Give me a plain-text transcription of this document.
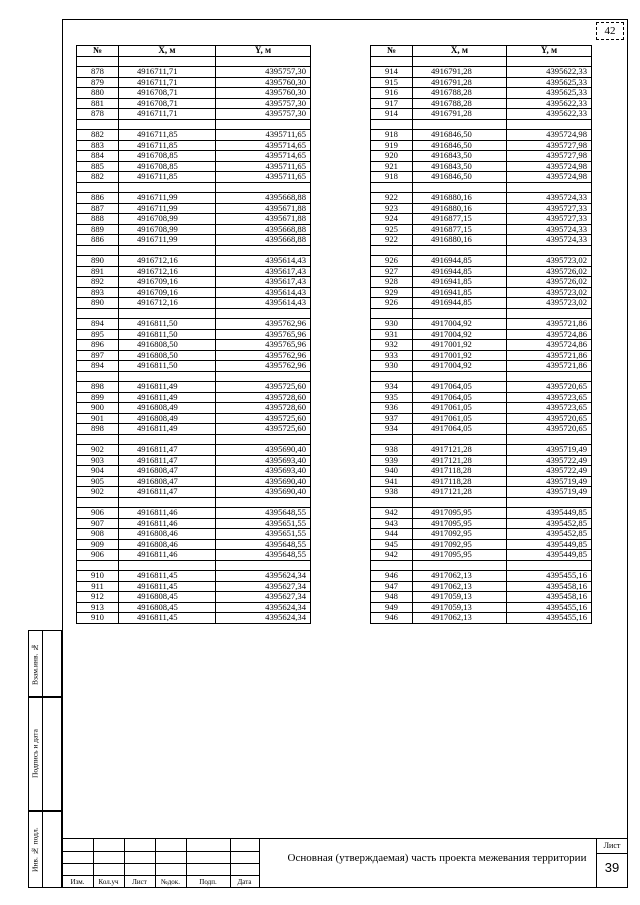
42
№	X, м	Y, м

878	4916711,71	4395757,30
879	4916711,71	4395760,30
880	4916708,71	4395760,30
881	4916708,71	4395757,30
878	4916711,71	4395757,30

882	4916711,85	4395711,65
883	4916711,85	4395714,65
884	4916708,85	4395714,65
885	4916708,85	4395711,65
882	4916711,85	4395711,65

886	4916711,99	4395668,88
887	4916711,99	4395671,88
888	4916708,99	4395671,88
889	4916708,99	4395668,88
886	4916711,99	4395668,88

890	4916712,16	4395614,43
891	4916712,16	4395617,43
892	4916709,16	4395617,43
893	4916709,16	4395614,43
890	4916712,16	4395614,43

894	4916811,50	4395762,96
895	4916811,50	4395765,96
896	4916808,50	4395765,96
897	4916808,50	4395762,96
894	4916811,50	4395762,96

898	4916811,49	4395725,60
899	4916811,49	4395728,60
900	4916808,49	4395728,60
901	4916808,49	4395725,60
898	4916811,49	4395725,60

902	4916811,47	4395690,40
903	4916811,47	4395693,40
904	4916808,47	4395693,40
905	4916808,47	4395690,40
902	4916811,47	4395690,40

906	4916811,46	4395648,55
907	4916811,46	4395651,55
908	4916808,46	4395651,55
909	4916808,46	4395648,55
906	4916811,46	4395648,55

910	4916811,45	4395624,34
911	4916811,45	4395627,34
912	4916808,45	4395627,34
913	4916808,45	4395624,34
910	4916811,45	4395624,34
№	X, м	Y, м

914	4916791,28	4395622,33
915	4916791,28	4395625,33
916	4916788,28	4395625,33
917	4916788,28	4395622,33
914	4916791,28	4395622,33

918	4916846,50	4395724,98
919	4916846,50	4395727,98
920	4916843,50	4395727,98
921	4916843,50	4395724,98
918	4916846,50	4395724,98

922	4916880,16	4395724,33
923	4916880,16	4395727,33
924	4916877,15	4395727,33
925	4916877,15	4395724,33
922	4916880,16	4395724,33

926	4916944,85	4395723,02
927	4916944,85	4395726,02
928	4916941,85	4395726,02
929	4916941,85	4395723,02
926	4916944,85	4395723,02

930	4917004,92	4395721,86
931	4917004,92	4395724,86
932	4917001,92	4395724,86
933	4917001,92	4395721,86
930	4917004,92	4395721,86

934	4917064,05	4395720,65
935	4917064,05	4395723,65
936	4917061,05	4395723,65
937	4917061,05	4395720,65
934	4917064,05	4395720,65

938	4917121,28	4395719,49
939	4917121,28	4395722,49
940	4917118,28	4395722,49
941	4917118,28	4395719,49
938	4917121,28	4395719,49

942	4917095,95	4395449,85
943	4917095,95	4395452,85
944	4917092,95	4395452,85
945	4917092,95	4395449,85
942	4917095,95	4395449,85

946	4917062,13	4395455,16
947	4917062,13	4395458,16
948	4917059,13	4395458,16
949	4917059,13	4395455,16
946	4917062,13	4395455,16
Взам.инв. №
Подпись и дата
Инв. № подл.
Изм.	Кол.уч	Лист	№док.	Подп.	Дата
Основная (утверждаемая) часть проекта межевания территории
Лист
39
